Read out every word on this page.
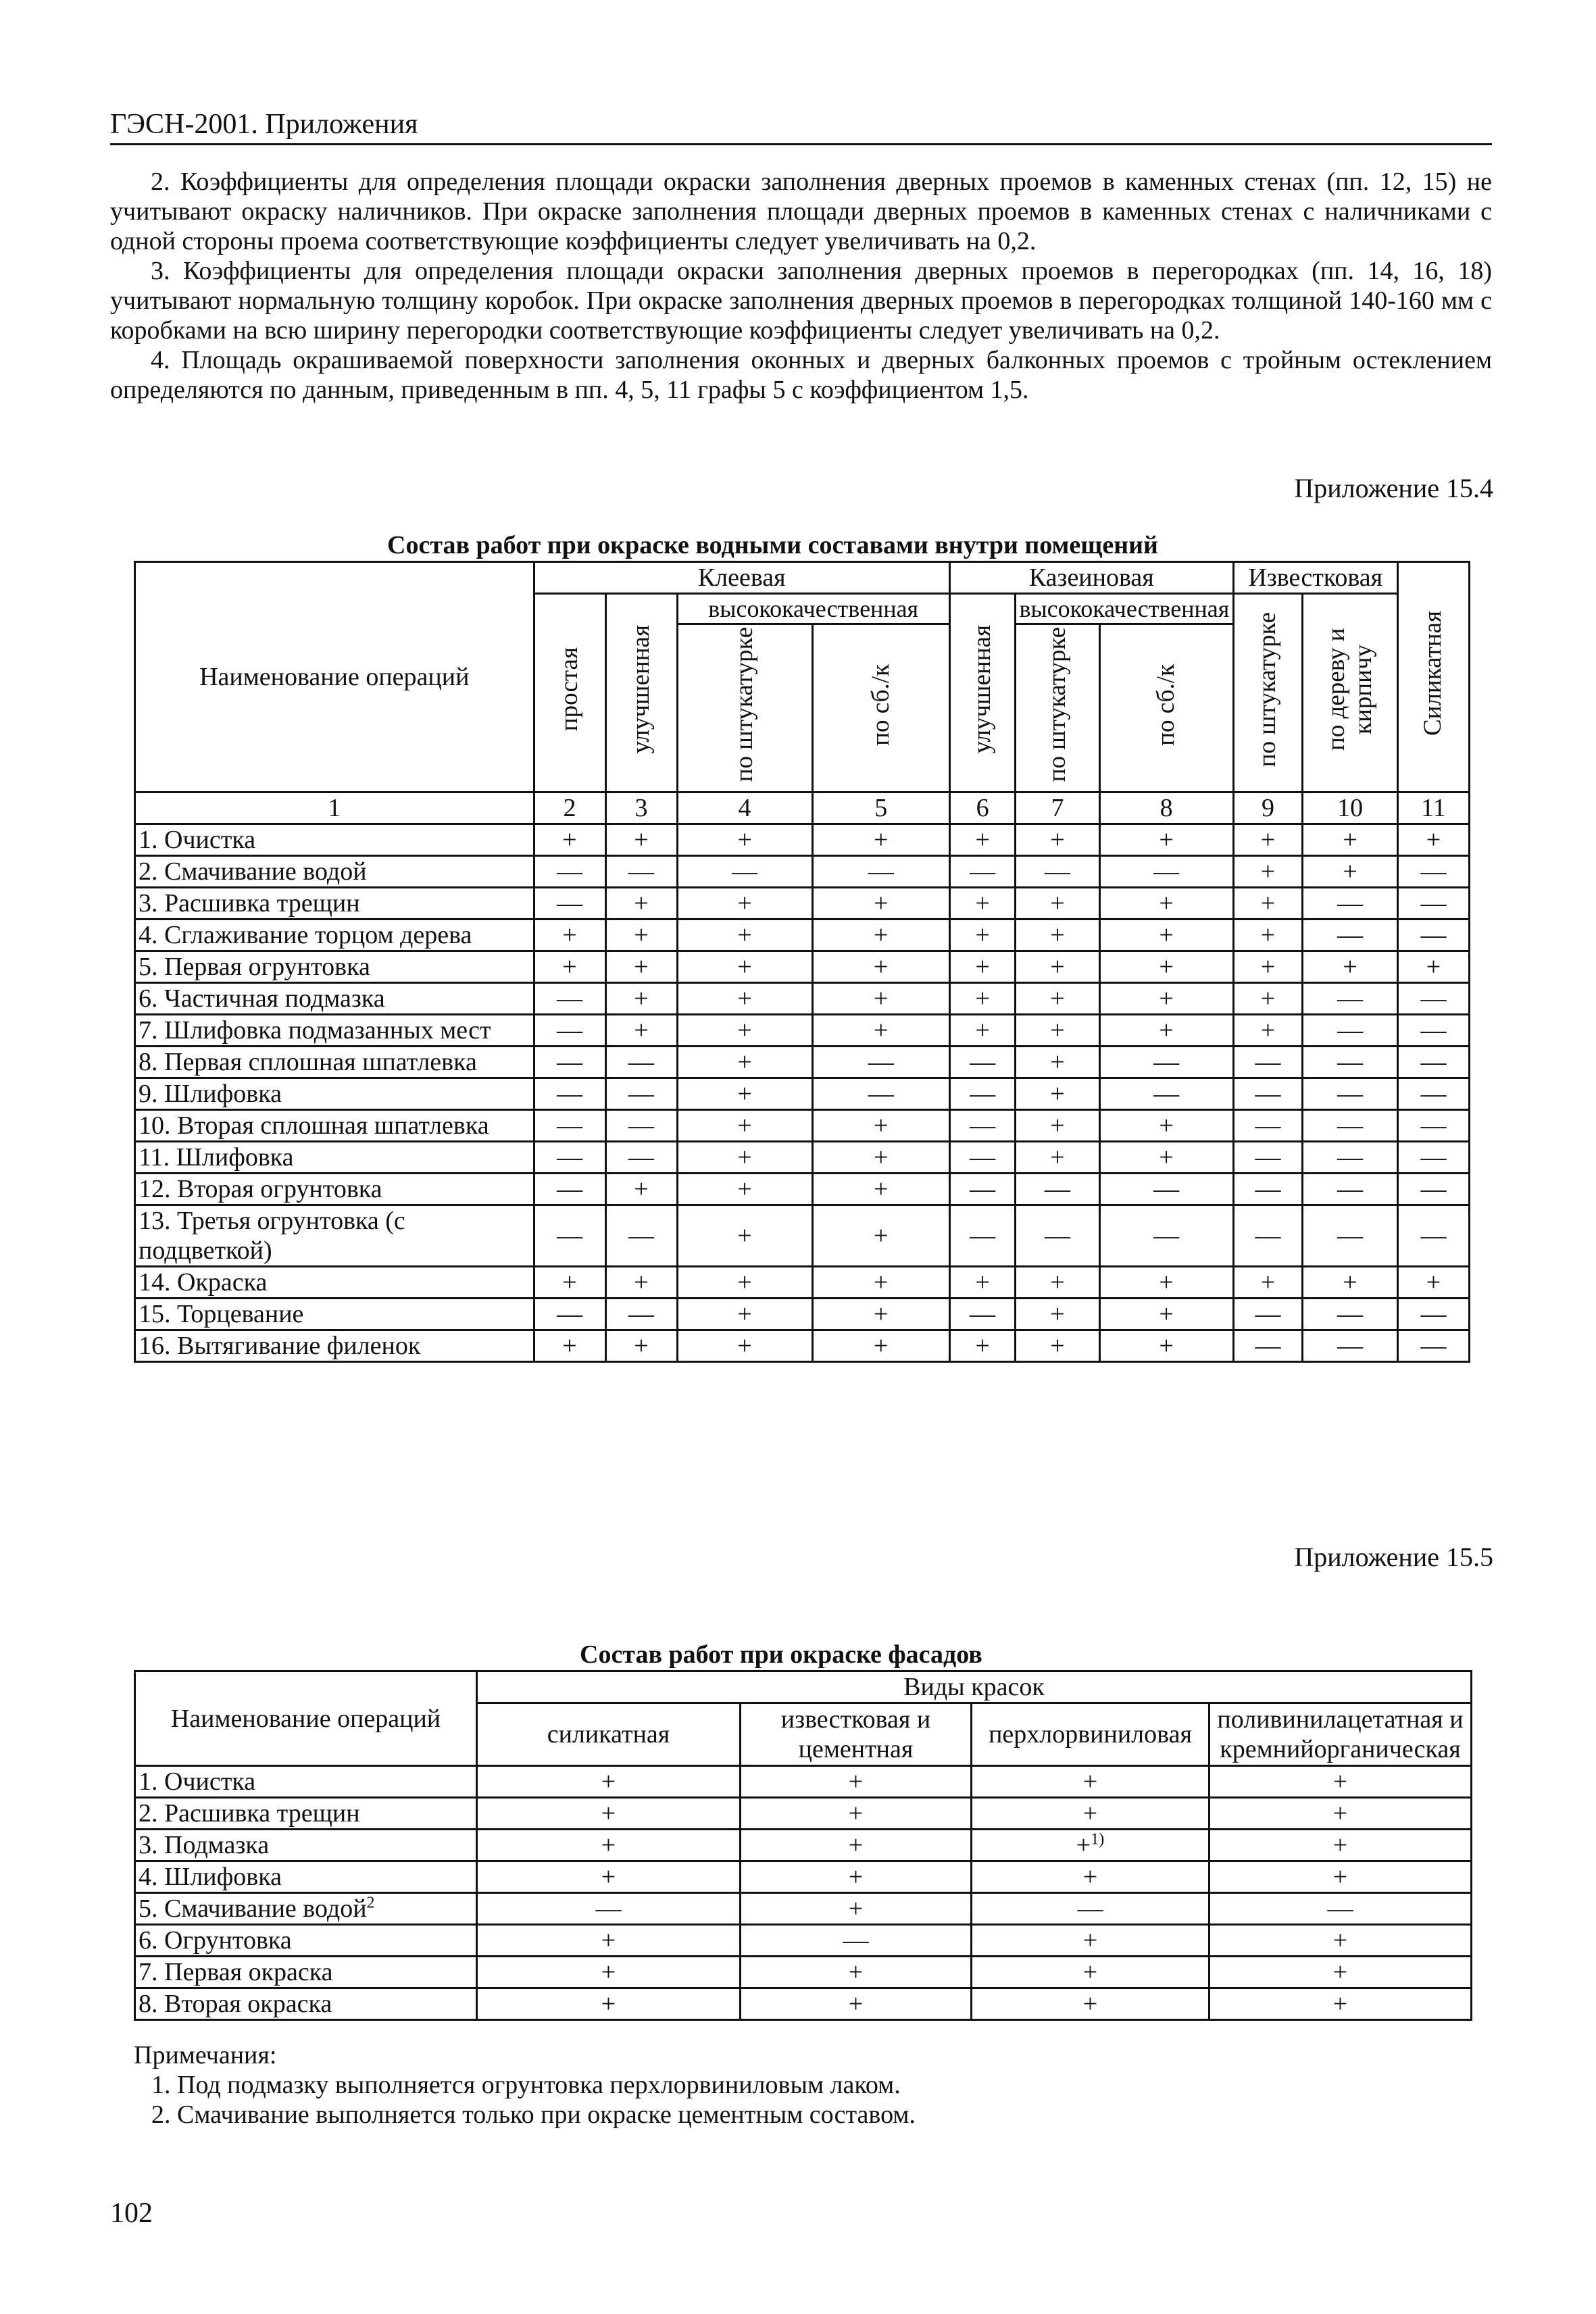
ГЭСН-2001. Приложения

2. Коэффициенты для определения площади окраски заполнения дверных проемов в каменных стенах (пп. 12, 15) не учитывают окраску наличников. При окраске заполнения площади дверных проемов в каменных стенах с наличниками с одной стороны проема соответствующие коэффициенты следует увеличивать на 0,2.

3. Коэффициенты для определения площади окраски заполнения дверных проемов в перегородках (пп. 14, 16, 18) учитывают нормальную толщину коробок. При окраске заполнения дверных проемов в перегородках толщиной 140-160 мм с коробками на всю ширину перегородки соответствующие коэффициенты следует увеличивать на 0,2.

4. Площадь окрашиваемой поверхности заполнения оконных и дверных балконных проемов с тройным остеклением определяются по данным, приведенным в пп. 4, 5, 11 графы 5 с коэффициентом 1,5.

Приложение 15.4
Состав работ при окраске водными составами внутри помещений
Наименование операций	Клеевая				Казеиновая			Известковая		Силикатная
	простая	улучшенная	высококачественная		улучшенная	высококачественная		по штукатурке	по дереву и кирпичу	
			по штукатурке	по сб./к		по штукатурке	по сб./к			
1	2	3	4	5	6	7	8	9	10	11
1. Очистка	+	+	+	+	+	+	+	+	+	+
2. Смачивание водой	—	—	—	—	—	—	—	+	+	—
3. Расшивка трещин	—	+	+	+	+	+	+	+	—	—
4. Сглаживание торцом дерева	+	+	+	+	+	+	+	+	—	—
5. Первая огрунтовка	+	+	+	+	+	+	+	+	+	+
6. Частичная подмазка	—	+	+	+	+	+	+	+	—	—
7. Шлифовка подмазанных мест	—	+	+	+	+	+	+	+	—	—
8. Первая сплошная шпатлевка	—	—	+	—	—	+	—	—	—	—
9. Шлифовка	—	—	+	—	—	+	—	—	—	—
10. Вторая сплошная шпатлевка	—	—	+	+	—	+	+	—	—	—
11. Шлифовка	—	—	+	+	—	+	+	—	—	—
12. Вторая огрунтовка	—	+	+	+	—	—	—	—	—	—
13. Третья огрунтовка (с подцветкой)	—	—	+	+	—	—	—	—	—	—
14. Окраска	+	+	+	+	+	+	+	+	+	+
15. Торцевание	—	—	+	+	—	+	+	—	—	—
16. Вытягивание филенок	+	+	+	+	+	+	+	—	—	—
Приложение 15.5
Состав работ при окраске фасадов
Наименование операций	Виды красок			
	силикатная	известковая и цементная	перхлорвиниловая	поливинилацетатная и кремнийорганическая
1. Очистка	+	+	+	+
2. Расшивка трещин	+	+	+	+
3. Подмазка	+	+	+$^{1)}$	+
4. Шлифовка	+	+	+	+
5. Смачивание водой$^2$	—	+	—	—
6. Огрунтовка	+	—	+	+
7. Первая окраска	+	+	+	+
8. Вторая окраска	+	+	+	+

Примечания:

1. Под подмазку выполняется огрунтовка перхлорвиниловым лаком.

2. Смачивание выполняется только при окраске цементным составом.

102
